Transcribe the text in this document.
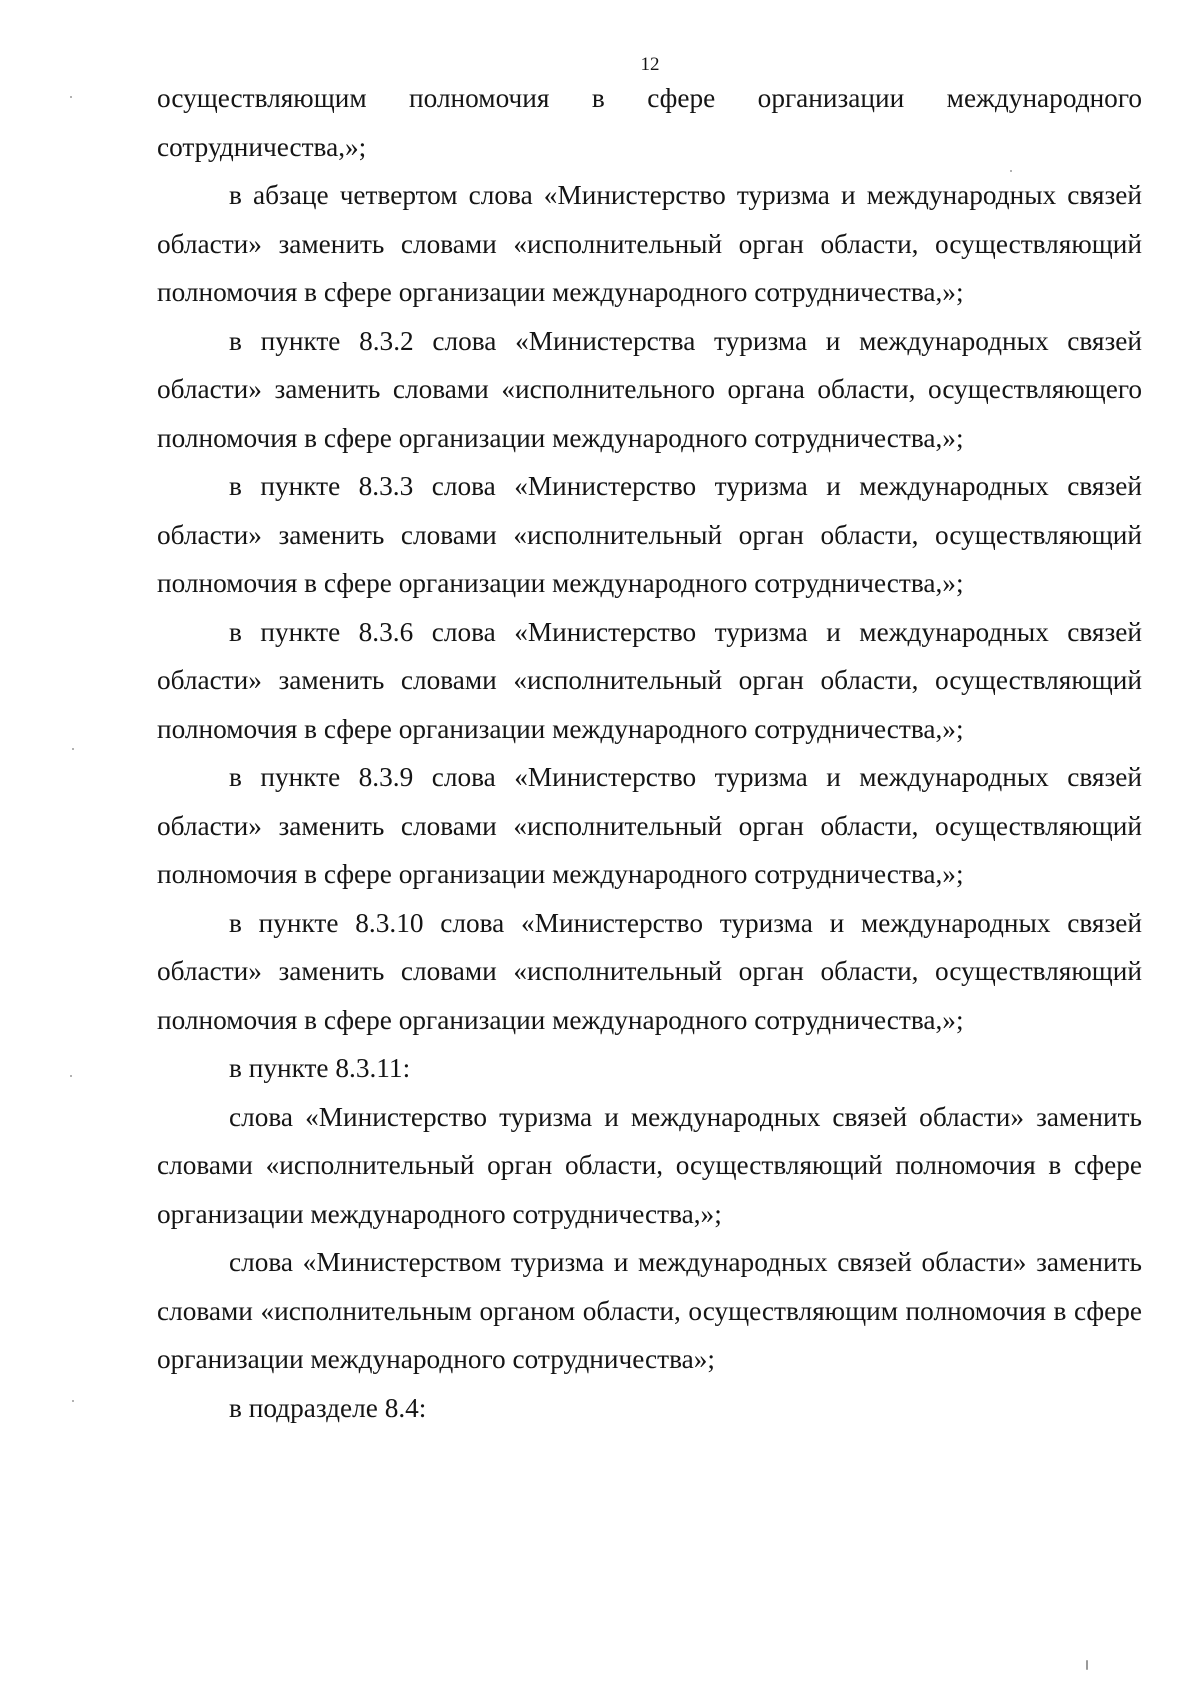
12

осуществляющим полномочия в сфере организации международного сотрудничества,»;

в абзаце четвертом слова «Министерство туризма и международных связей области» заменить словами «исполнительный орган области, осуществляющий полномочия в сфере организации международного сотрудничества,»;

в пункте 8.3.2 слова «Министерства туризма и международных связей области» заменить словами «исполнительного органа области, осуществляющего полномочия в сфере организации международного сотрудничества,»;

в пункте 8.3.3 слова «Министерство туризма и международных связей области» заменить словами «исполнительный орган области, осуществляющий полномочия в сфере организации международного сотрудничества,»;

в пункте 8.3.6 слова «Министерство туризма и международных связей области» заменить словами «исполнительный орган области, осуществляющий полномочия в сфере организации международного сотрудничества,»;

в пункте 8.3.9 слова «Министерство туризма и международных связей области» заменить словами «исполнительный орган области, осуществляющий полномочия в сфере организации международного сотрудничества,»;

в пункте 8.3.10 слова «Министерство туризма и международных связей области» заменить словами «исполнительный орган области, осуществляющий полномочия в сфере организации международного сотрудничества,»;

в пункте 8.3.11:

слова «Министерство туризма и международных связей области» заменить словами «исполнительный орган области, осуществляющий полномочия в сфере организации международного сотрудничества,»;

слова «Министерством туризма и международных связей области» заменить словами «исполнительным органом области, осуществляющим полномочия в сфере организации международного сотрудничества»;

в подразделе 8.4:
